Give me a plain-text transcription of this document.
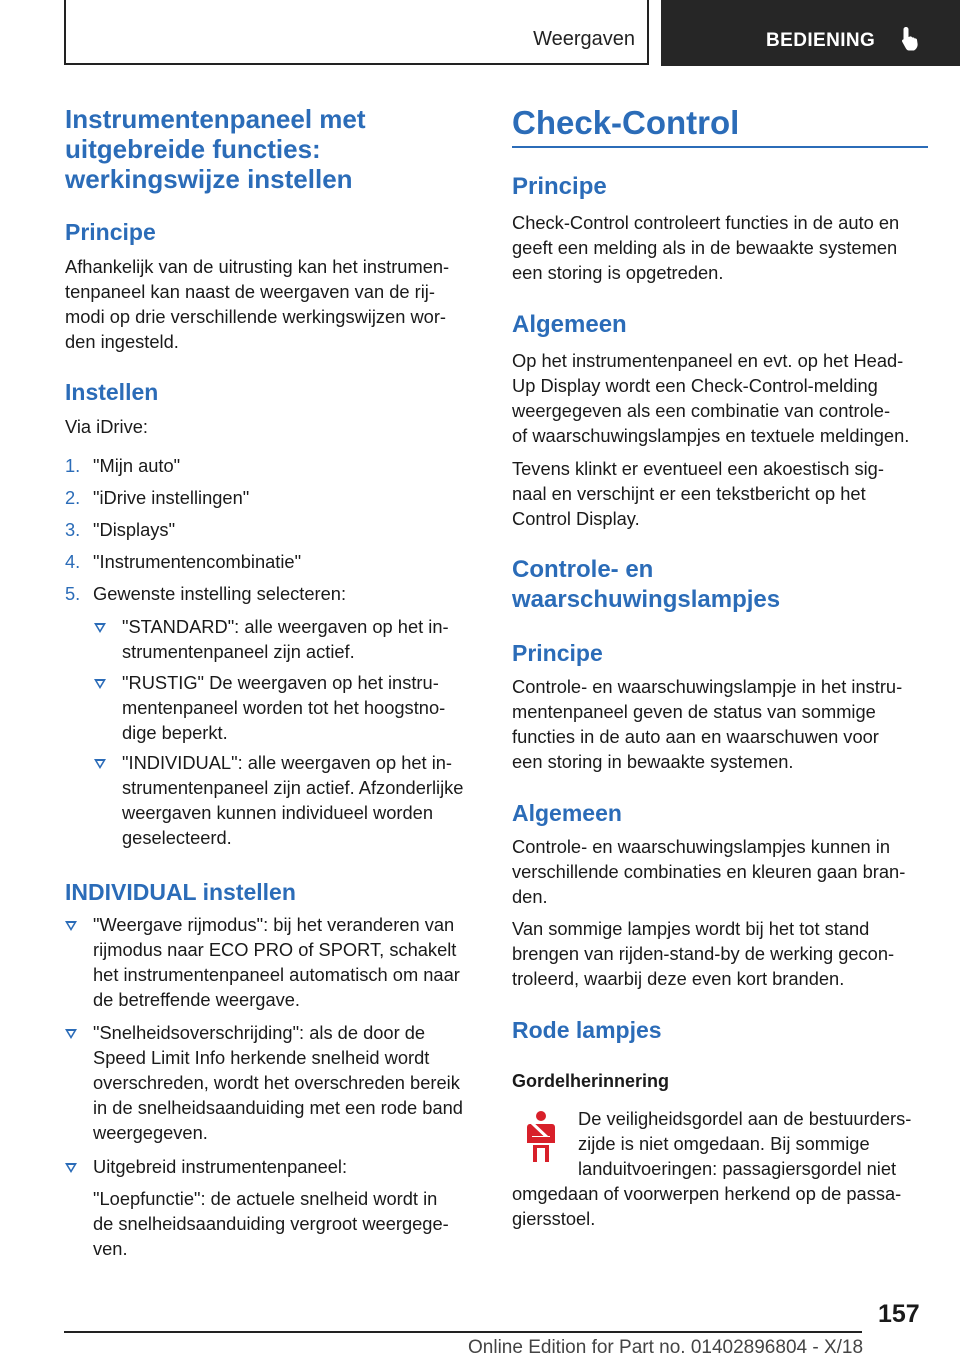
Weergaven	BEDIENING
Instrumentenpaneel met
uitgebreide functies:
werkingswijze instellen
Principe
Afhankelijk van de uitrusting kan het instrumen‐
tenpaneel kan naast de weergaven van de rij‐
modi op drie verschillende werkingswijzen wor‐
den ingesteld.
Instellen
Via iDrive:
1. "Mijn auto"
2. "iDrive instellingen"
3. "Displays"
4. "Instrumentencombinatie"
5. Gewenste instelling selecteren:
"STANDARD": alle weergaven op het in‐
strumentenpaneel zijn actief.
"RUSTIG" De weergaven op het instru‐
mentenpaneel worden tot het hoogstno‐
dige beperkt.
"INDIVIDUAL": alle weergaven op het in‐
strumentenpaneel zijn actief. Afzonderlijke
weergaven kunnen individueel worden
geselecteerd.
INDIVIDUAL instellen
"Weergave rijmodus": bij het veranderen van
rijmodus naar ECO PRO of SPORT, schakelt
het instrumentenpaneel automatisch om naar
de betreffende weergave.
"Snelheidsoverschrijding": als de door de
Speed Limit Info herkende snelheid wordt
overschreden, wordt het overschreden bereik
in de snelheidsaanduiding met een rode band
weergegeven.
Uitgebreid instrumentenpaneel:
"Loepfunctie": de actuele snelheid wordt in
de snelheidsaanduiding vergroot weergege‐
ven.
Check-Control
Principe
Check-Control controleert functies in de auto en
geeft een melding als in de bewaakte systemen
een storing is opgetreden.
Algemeen
Op het instrumentenpaneel en evt. op het Head-
Up Display wordt een Check-Control-melding
weergegeven als een combinatie van controle-
of waarschuwingslampjes en textuele meldingen.
Tevens klinkt er eventueel een akoestisch sig‐
naal en verschijnt er een tekstbericht op het
Control Display.
Controle- en
waarschuwingslampjes
Principe
Controle- en waarschuwingslampje in het instru‐
mentenpaneel geven de status van sommige
functies in de auto aan en waarschuwen voor
een storing in bewaakte systemen.
Algemeen
Controle- en waarschuwingslampjes kunnen in
verschillende combinaties en kleuren gaan bran‐
den.
Van sommige lampjes wordt bij het tot stand
brengen van rijden-stand-by de werking gecon‐
troleerd, waarbij deze even kort branden.
Rode lampjes
Gordelherinnering
De veiligheidsgordel aan de bestuurders‐
zijde is niet omgedaan. Bij sommige
landuitvoeringen: passagiersgordel niet
omgedaan of voorwerpen herkend op de passa‐
giersstoel.
157
Online Edition for Part no. 01402896804 - X/18
